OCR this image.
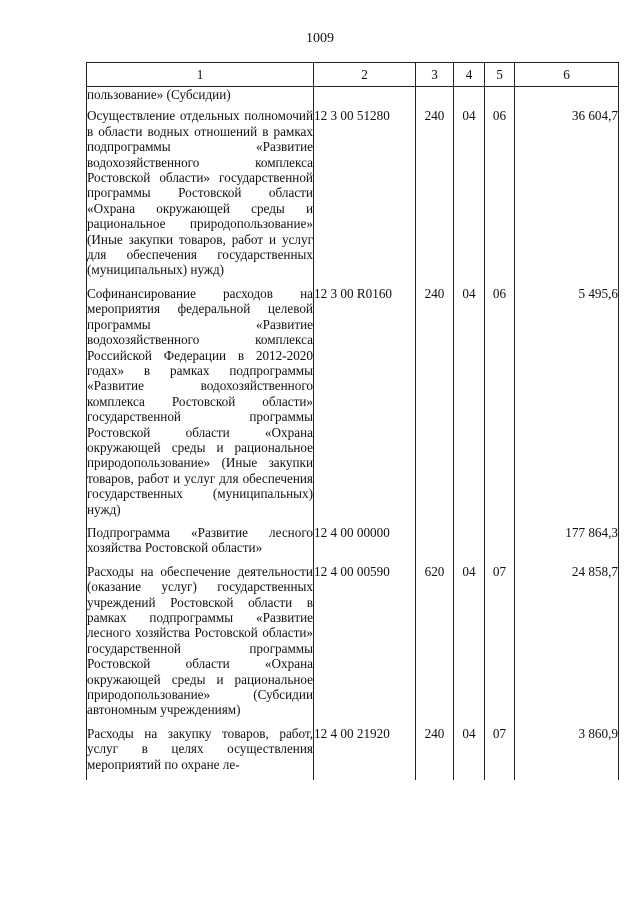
1009
1	2	3	4	5	6
пользование» (Субсидии)					
Осуществление отдельных полномочий в области водных отношений в рамках подпрограммы «Развитие водохозяйственного комплекса Ростовской области» государственной программы Ростовской области «Охрана окружающей среды и рациональное природопользование» (Иные закупки товаров, работ и услуг для обеспечения государственных (муниципальных) нужд)	12 3 00 51280	240	04	06	36 604,7
Софинансирование расходов на мероприятия федеральной целевой программы «Развитие водохозяйственного комплекса Российской Федерации в 2012-2020 годах» в рамках подпрограммы «Развитие водохозяйственного комплекса Ростовской области» государственной программы Ростовской области «Охрана окружающей среды и рациональное природопользование» (Иные закупки товаров, работ и услуг для обеспечения государственных (муниципальных) нужд)	12 3 00 R0160	240	04	06	5 495,6
Подпрограмма «Развитие лесного хозяйства Ростовской области»	12 4 00 00000				177 864,3
Расходы на обеспечение деятельности (оказание услуг) государственных учреждений Ростовской области в рамках подпрограммы «Развитие лесного хозяйства Ростовской области» государственной программы Ростовской области «Охрана окружающей среды и рациональное природопользование» (Субсидии автономным учреждениям)	12 4 00 00590	620	04	07	24 858,7
Расходы на закупку товаров, работ, услуг в целях осуществления мероприятий по охране ле-	12 4 00 21920	240	04	07	3 860,9
